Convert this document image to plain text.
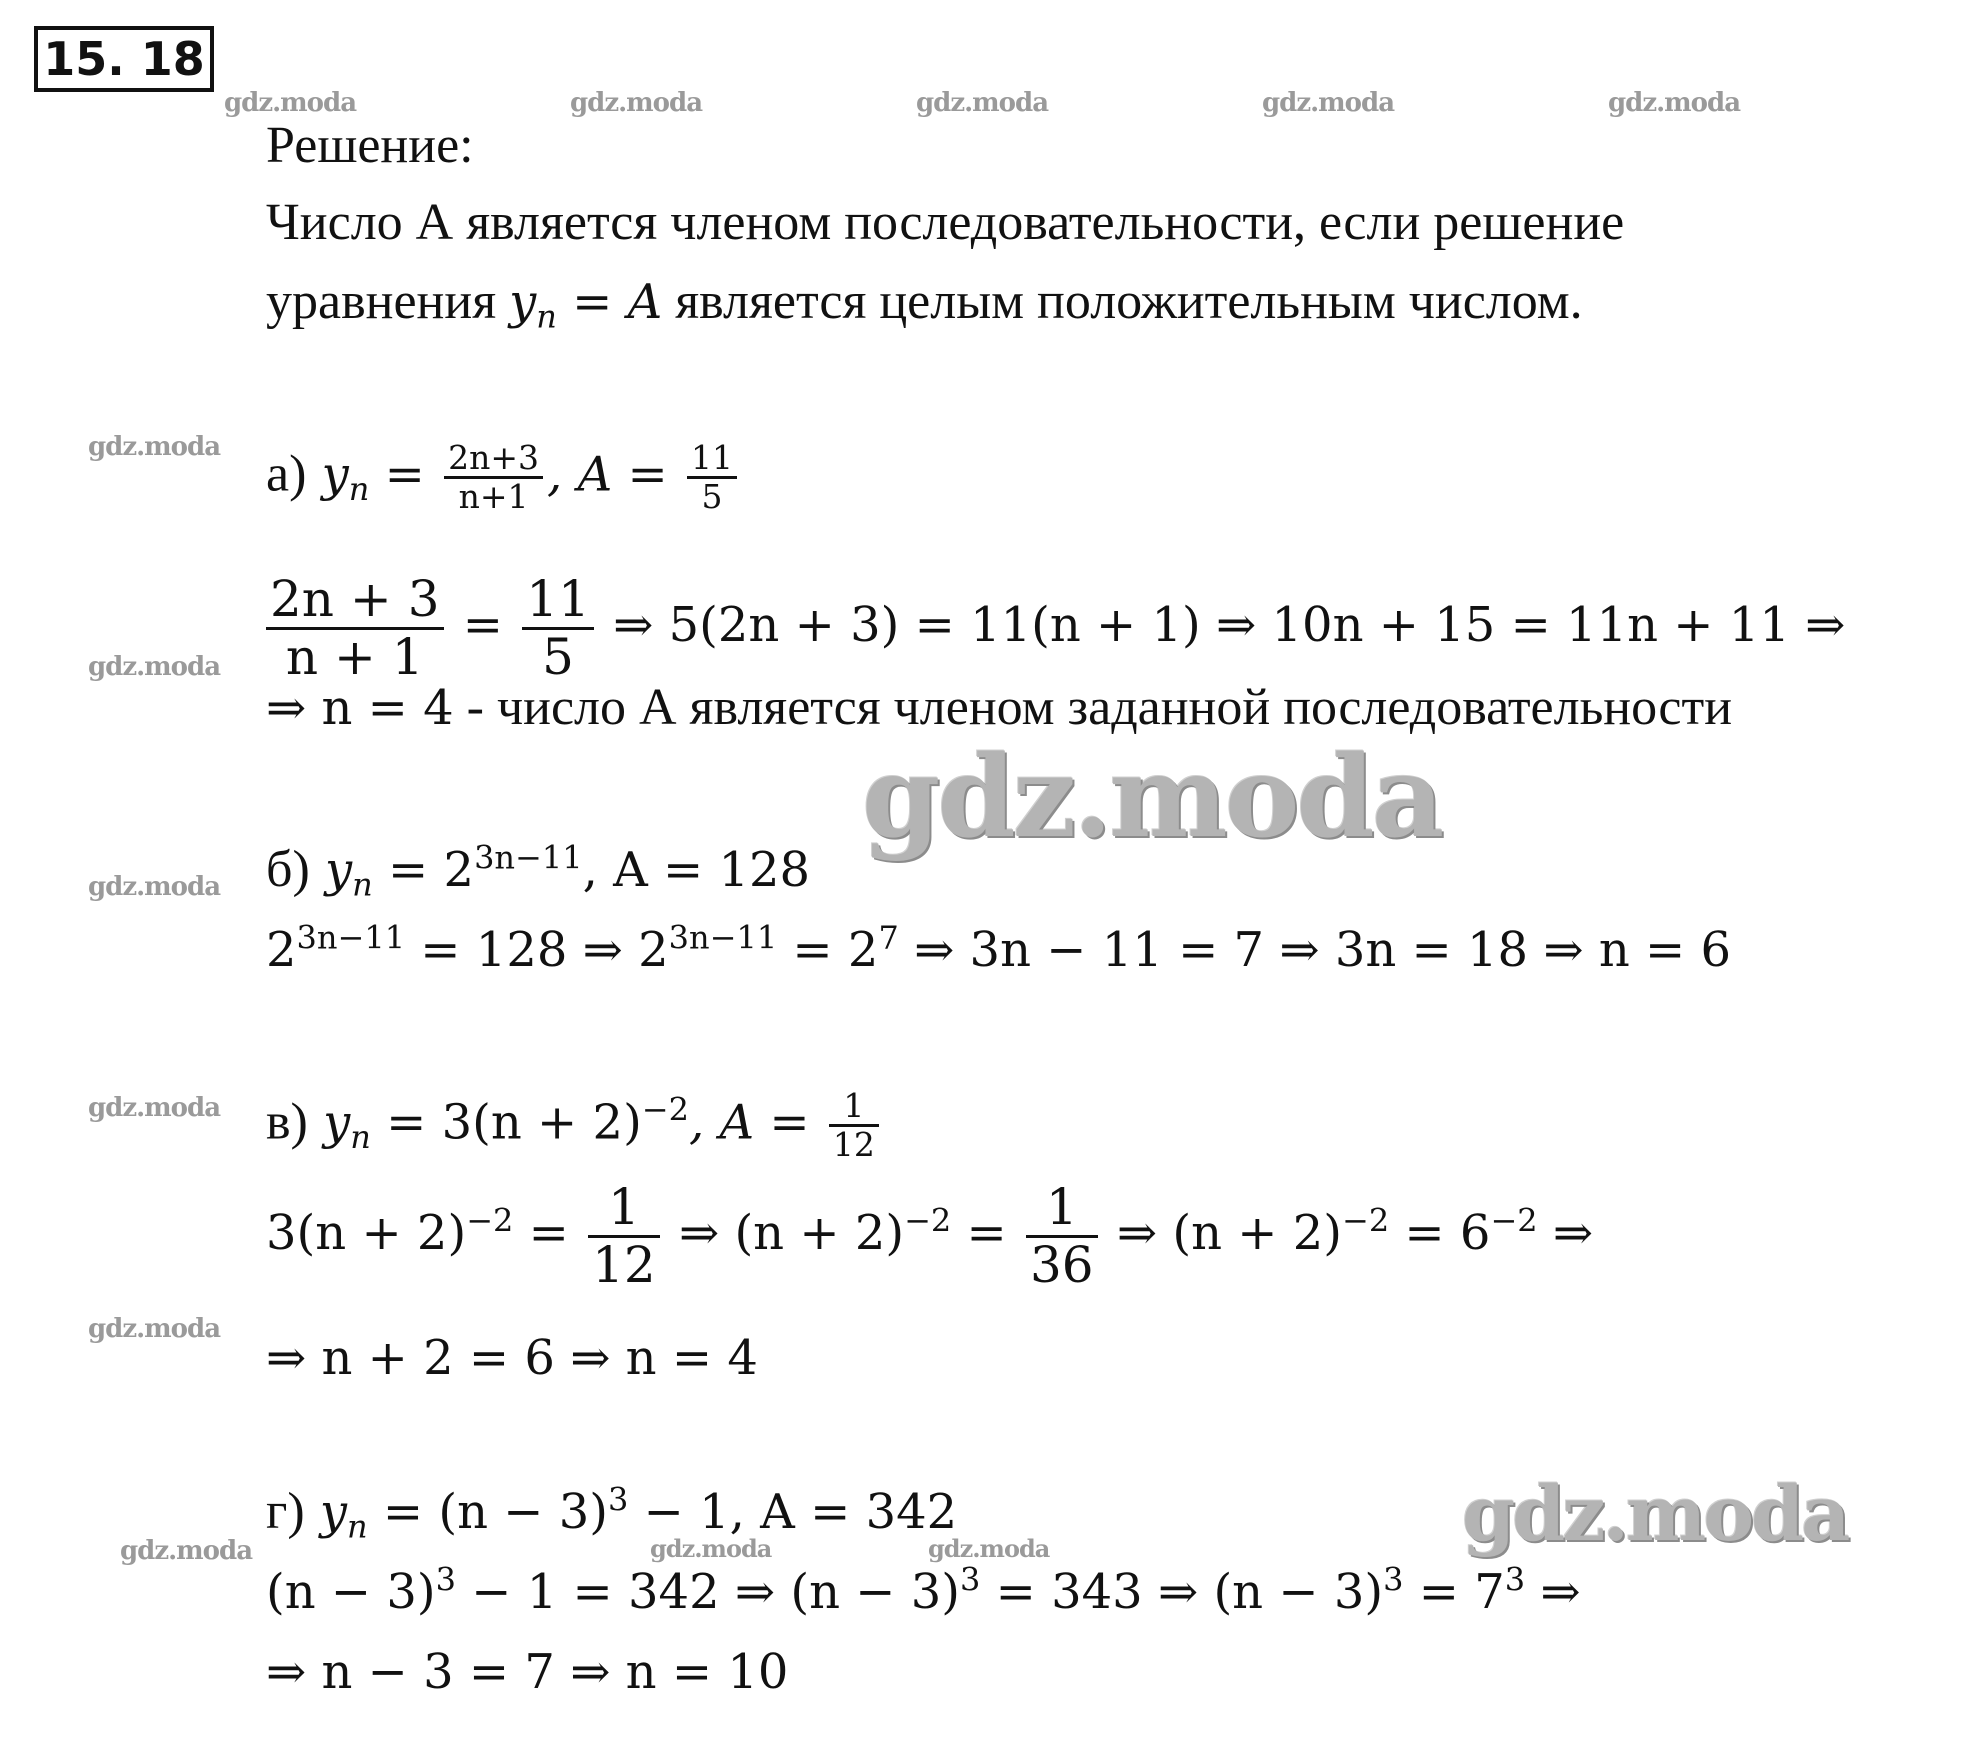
15. 18
gdz.moda	gdz.moda	gdz.moda	gdz.moda	gdz.moda
gdz.moda
gdz.moda
gdz.moda
gdz.moda
gdz.moda
gdz.moda	gdz.moda	gdz.moda
gdz.moda
gdz.moda
Решение:
Число А является членом последовательности, если решение
уравнения $y_n = A$ является целым положительным числом.
а) $y_n = \frac{2n+3}{n+1}$ , $A = \frac{11}{5}$
$\frac{2n + 3}{n + 1} = \frac{11}{5}$ ⇒ 5(2n + 3) = 11(n + 1) ⇒ 10n + 15 = 11n + 11 ⇒
⇒ n = 4 - число А является членом заданной последовательности
б) $y_n = 2^{3n-11}$, A = 128
$2^{3n-11} = 128$ ⇒ $2^{3n-11} = 2^7$ ⇒ 3n − 11 = 7 ⇒ 3n = 18 ⇒ n = 6
в) $y_n = 3(n + 2)^{-2}$, $A = \frac{1}{12}$
$3(n + 2)^{-2} = \frac{1}{12}$ ⇒ $(n + 2)^{-2} = \frac{1}{36}$ ⇒ $(n + 2)^{-2} = 6^{-2}$ ⇒
⇒ n + 2 = 6 ⇒ n = 4
г) $y_n = (n - 3)^3 - 1$, A = 342
$(n - 3)^3 - 1 = 342$ ⇒ $(n - 3)^3 = 343$ ⇒ $(n - 3)^3 = 7^3$ ⇒
⇒ n − 3 = 7 ⇒ n = 10
